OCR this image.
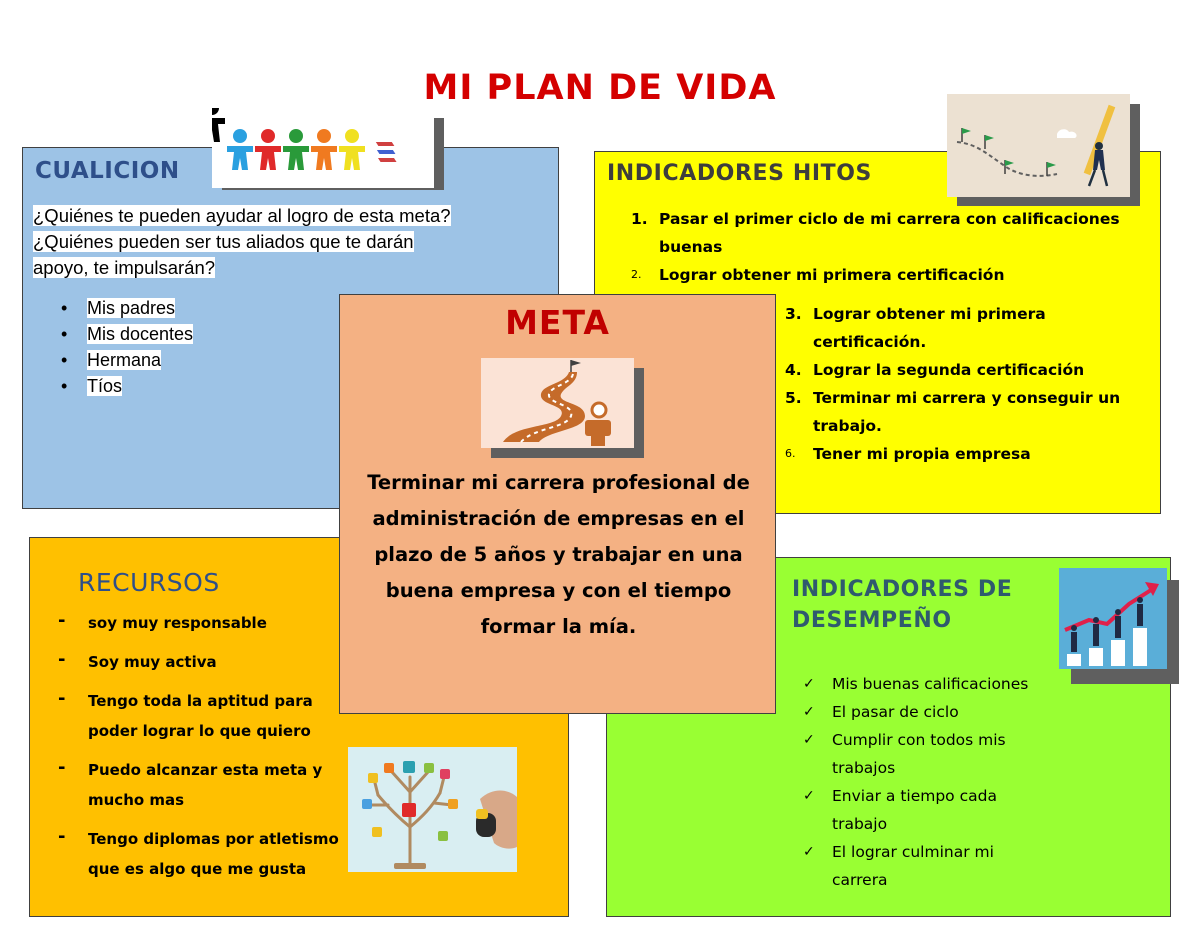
MI PLAN DE VIDA
CUALICION
¿Quiénes te pueden ayudar al logro de esta meta?
¿Quiénes pueden ser tus aliados que te darán
apoyo, te impulsarán?
• Mis padres
• Mis docentes
• Hermana
• Tíos
INDICADORES HITOS
1. Pasar el primer ciclo de mi carrera con calificaciones
buenas
2. Lograr obtener mi primera certificación
3. Lograr obtener mi primera
certificación.
4. Lograr la segunda certificación
5. Terminar mi carrera y conseguir un
trabajo.
6. Tener mi propia empresa
RECURSOS
- soy muy responsable
- Soy muy activa
- Tengo toda la aptitud para poder lograr lo que quiero
- Puedo alcanzar esta meta y mucho mas
- Tengo diplomas por atletismo que es algo que me gusta
INDICADORES DE
DESEMPEÑO
✓ Mis buenas calificaciones
✓ El pasar de ciclo
✓ Cumplir con todos mis trabajos
✓ Enviar a tiempo cada trabajo
✓ El lograr culminar mi carrera
META
Terminar mi carrera profesional de administración de empresas en el plazo de 5 años y trabajar en una buena empresa y con el tiempo formar la mía.
